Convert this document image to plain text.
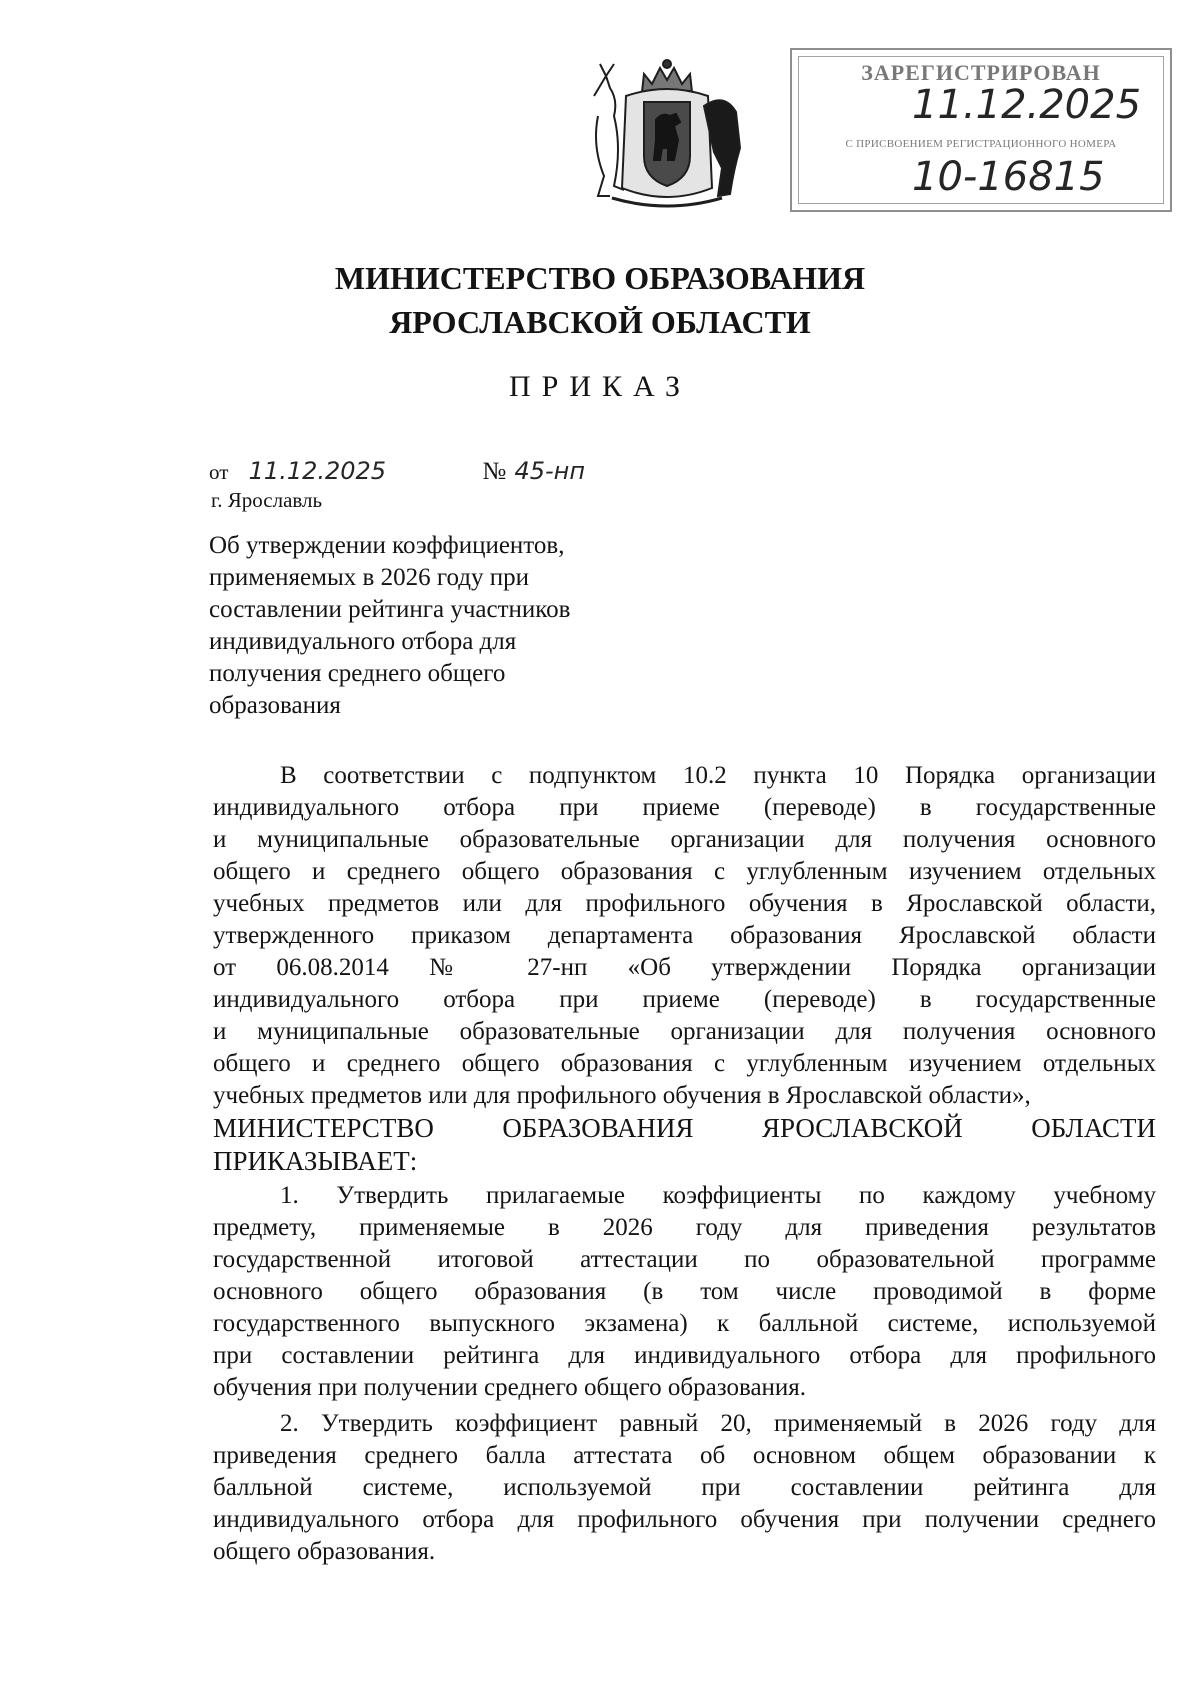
ЗАРЕГИСТРИРОВАН
11.12.2025
С ПРИСВОЕНИЕМ РЕГИСТРАЦИОННОГО НОМЕРА
10-16815
МИНИСТЕРСТВО ОБРАЗОВАНИЯ
ЯРОСЛАВСКОЙ ОБЛАСТИ
ПРИКАЗ
от 11.12.2025	№ 45-нп
г. Ярославль
Об утверждении коэффициентов,
применяемых в 2026 году при
составлении рейтинга участников
индивидуального отбора для
получения среднего общего
образования
В соответствии с подпунктом 10.2 пункта 10 Порядка организации
индивидуального отбора при приеме (переводе) в государственные
и муниципальные образовательные организации для получения основного
общего и среднего общего образования с углубленным изучением отдельных
учебных предметов или для профильного обучения в Ярославской области,
утвержденного приказом департамента образования Ярославской области
от 06.08.2014 № 27-нп «Об утверждении Порядка организации
индивидуального отбора при приеме (переводе) в государственные
и муниципальные образовательные организации для получения основного
общего и среднего общего образования с углубленным изучением отдельных
учебных предметов или для профильного обучения в Ярославской области»,
МИНИСТЕРСТВО ОБРАЗОВАНИЯ ЯРОСЛАВСКОЙ ОБЛАСТИ
ПРИКАЗЫВАЕТ:
1. Утвердить прилагаемые коэффициенты по каждому учебному
предмету, применяемые в 2026 году для приведения результатов
государственной итоговой аттестации по образовательной программе
основного общего образования (в том числе проводимой в форме
государственного выпускного экзамена) к балльной системе, используемой
при составлении рейтинга для индивидуального отбора для профильного
обучения при получении среднего общего образования.
2. Утвердить коэффициент равный 20, применяемый в 2026 году для
приведения среднего балла аттестата об основном общем образовании к
балльной системе, используемой при составлении рейтинга для
индивидуального отбора для профильного обучения при получении среднего
общего образования.
